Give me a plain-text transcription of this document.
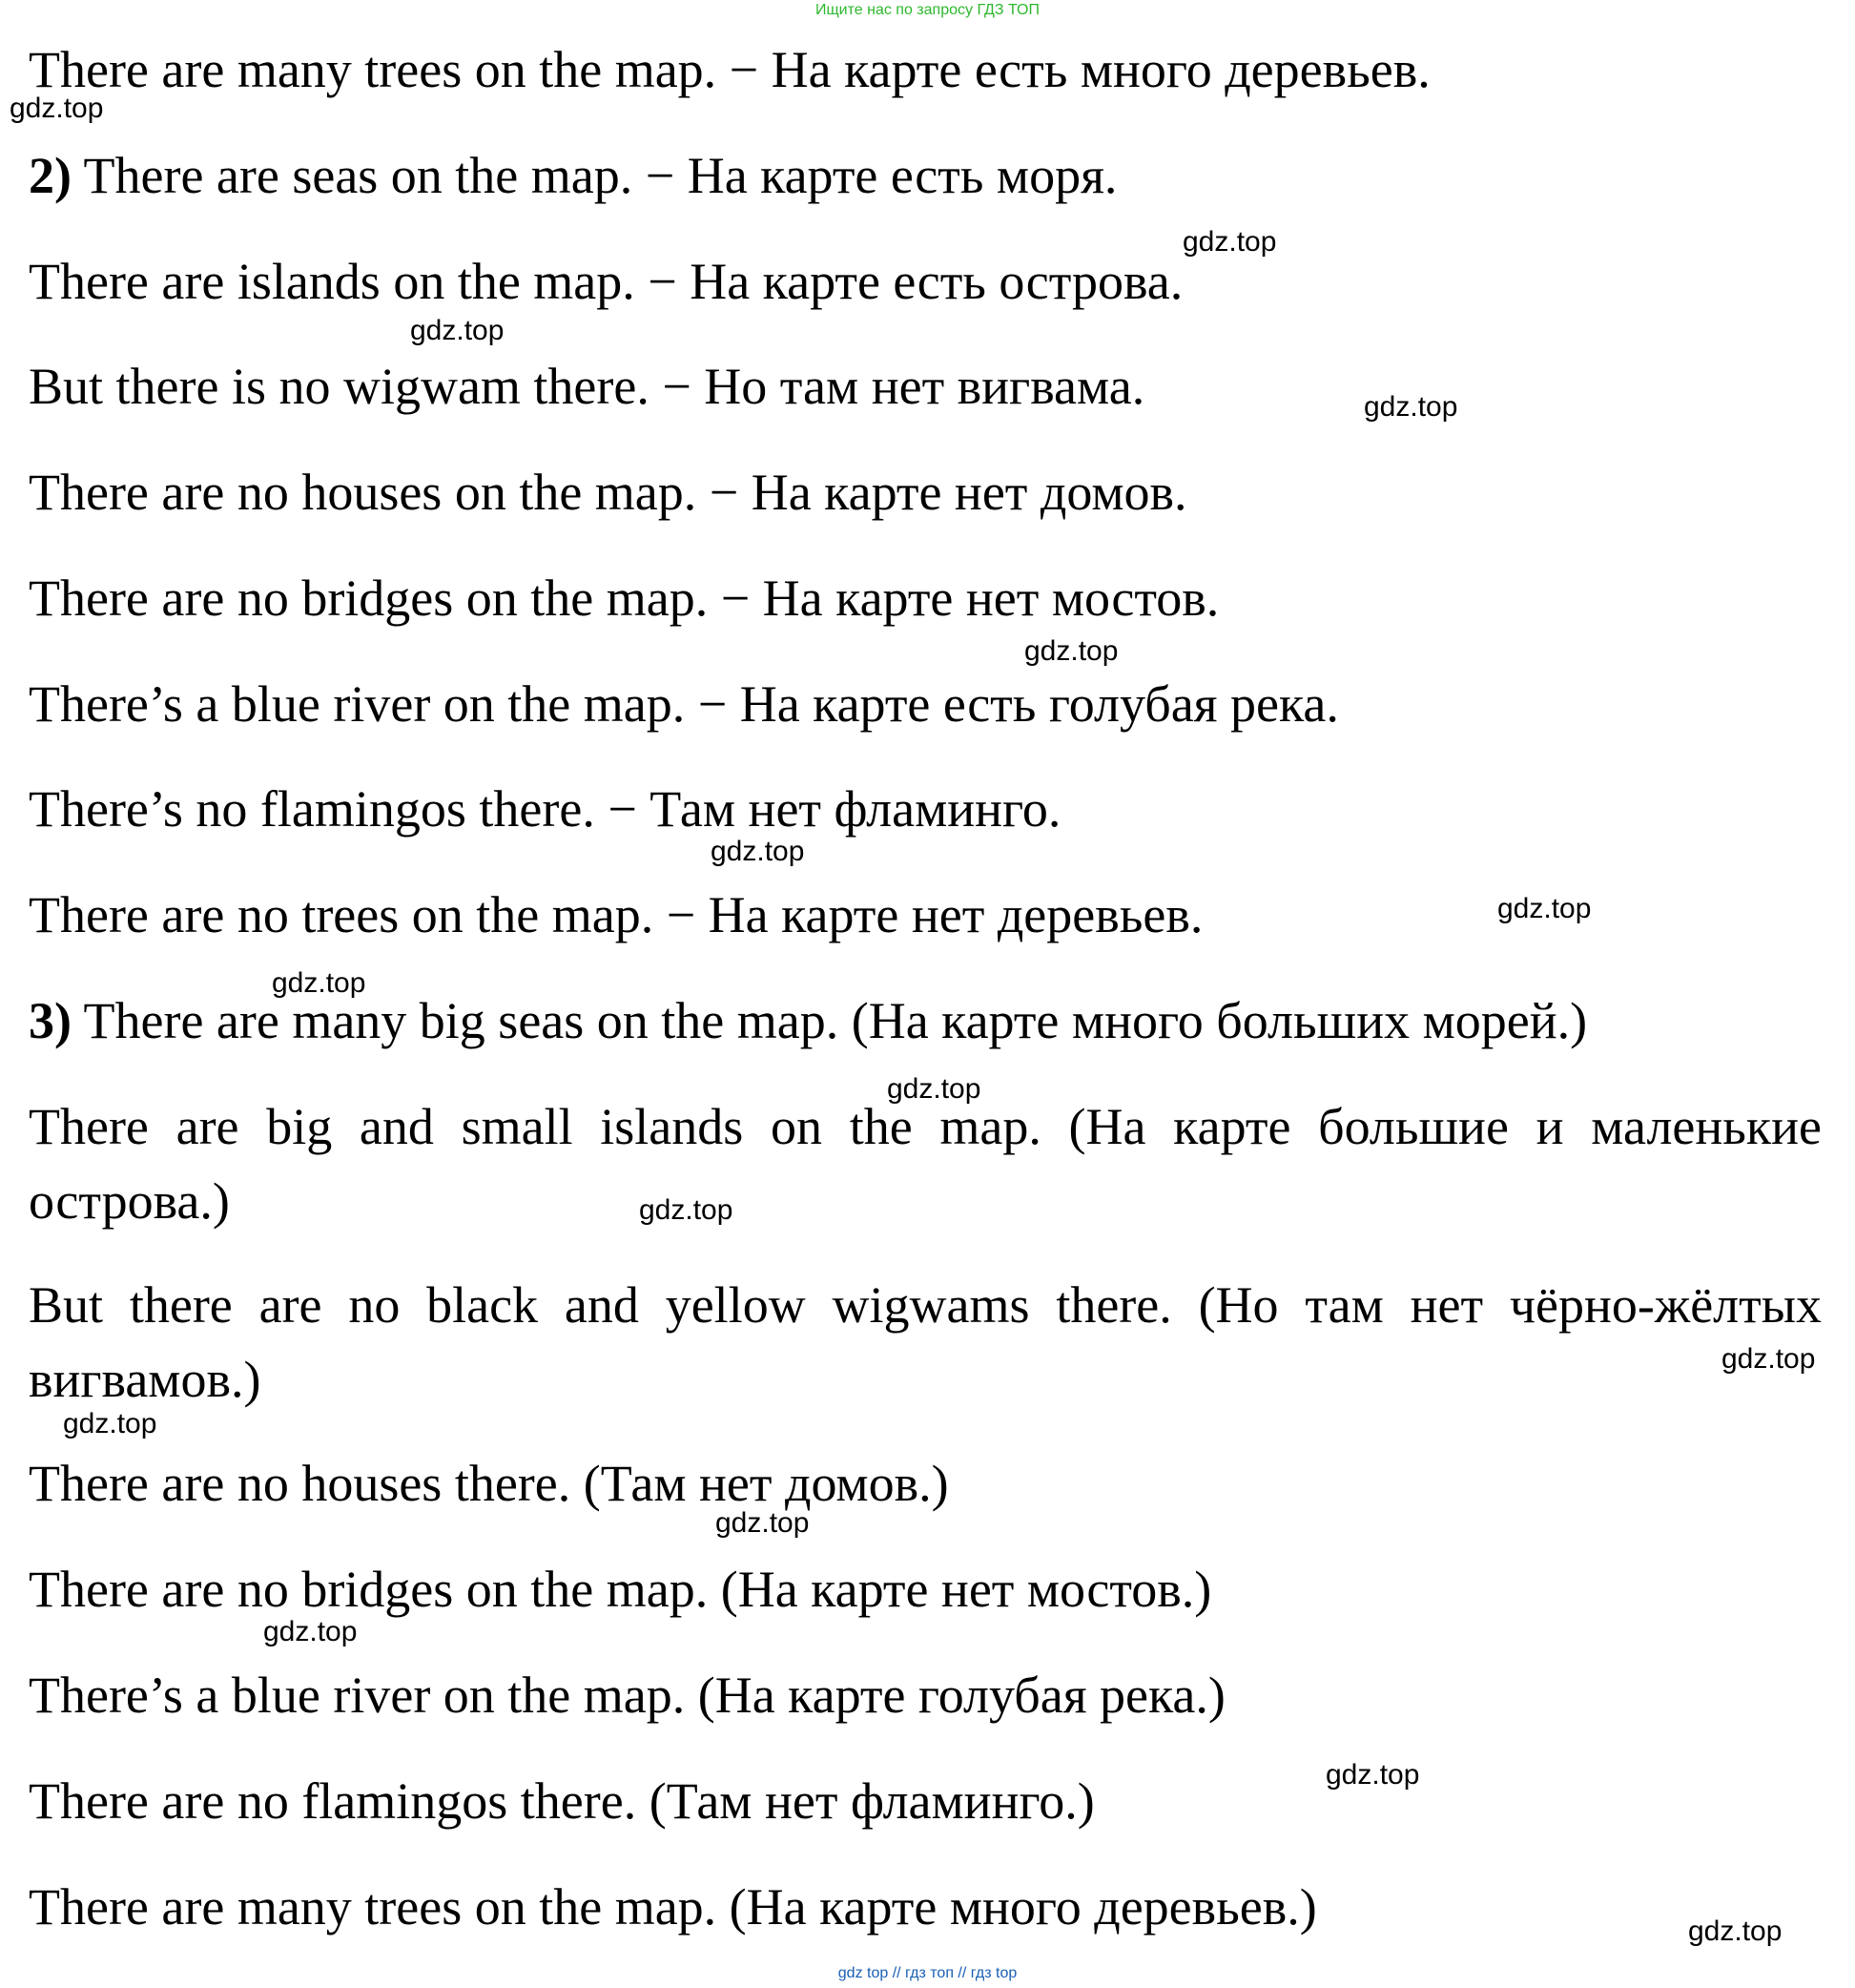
Ищите нас по запросу ГДЗ ТОП
There are many trees on the map. − На карте есть много деревьев.
2) There are seas on the map. − На карте есть моря.
There are islands on the map. − На карте есть острова.
But there is no wigwam there. − Но там нет вигвама.
There are no houses on the map. − На карте нет домов.
There are no bridges on the map. − На карте нет мостов.
There’s a blue river on the map. − На карте есть голубая река.
There’s no flamingos there. − Там нет фламинго.
There are no trees on the map. − На карте нет деревьев.
3) There are many big seas on the map. (На карте много больших морей.)
There are big and small islands on the map. (На карте большие и маленькие острова.)
But there are no black and yellow wigwams there. (Но там нет чёрно-жёлтых вигвамов.)
There are no houses there. (Там нет домов.)
There are no bridges on the map. (На карте нет мостов.)
There’s a blue river on the map. (На карте голубая река.)
There are no flamingos there. (Там нет фламинго.)
There are many trees on the map. (На карте много деревьев.)
gdz.top
gdz.top
gdz.top
gdz.top
gdz.top
gdz.top
gdz.top
gdz.top
gdz.top
gdz.top
gdz.top
gdz.top
gdz.top
gdz.top
gdz.top
gdz.top
gdz top // гдз топ // гдз top
